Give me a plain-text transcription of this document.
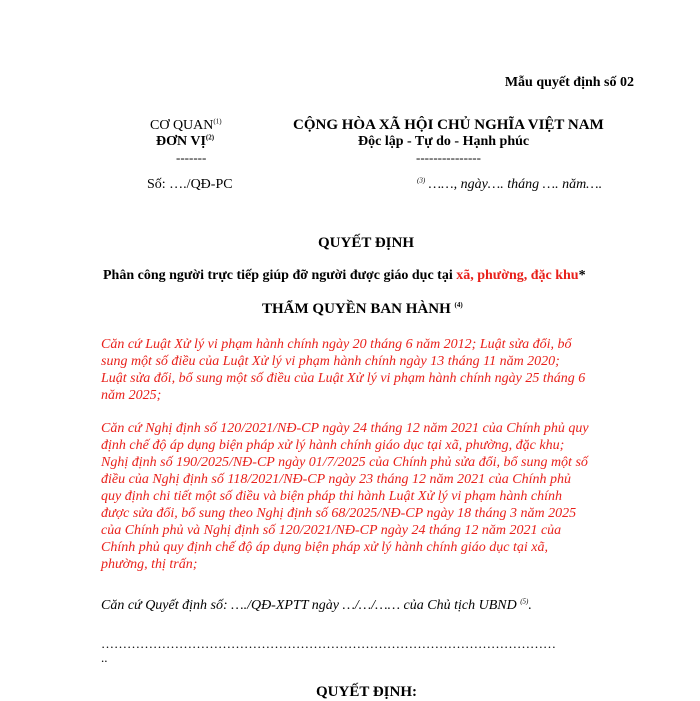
Mẫu quyết định số 02
CƠ QUAN$^{(1)}$
ĐƠN VỊ$^{(2)}$
-------
Số: …./QĐ-PC
CỘNG HÒA XÃ HỘI CHỦ NGHĨA VIỆT NAM
Độc lập - Tự do - Hạnh phúc
---------------
$^{(3)}$ ……, ngày…. tháng …. năm….
QUYẾT ĐỊNH
Phân công người trực tiếp giúp đỡ người được giáo dục tại xã, phường, đặc khu*
THẨM QUYỀN BAN HÀNH $^{(4)}$
Căn cứ Luật Xử lý vi phạm hành chính ngày 20 tháng 6 năm 2012; Luật sửa đổi, bổ
sung một số điều của Luật Xử lý vi phạm hành chính ngày 13 tháng 11 năm 2020;
Luật sửa đổi, bổ sung một số điều của Luật Xử lý vi phạm hành chính ngày 25 tháng 6
năm 2025;
Căn cứ Nghị định số 120/2021/NĐ-CP ngày 24 tháng 12 năm 2021 của Chính phủ quy
định chế độ áp dụng biện pháp xử lý hành chính giáo dục tại xã, phường, đặc khu;
Nghị định số 190/2025/NĐ-CP ngày 01/7/2025 của Chính phủ sửa đổi, bổ sung một số
điều của Nghị định số 118/2021/NĐ-CP ngày 23 tháng 12 năm 2021 của Chính phủ
quy định chi tiết một số điều và biện pháp thi hành Luật Xử lý vi phạm hành chính
được sửa đổi, bổ sung theo Nghị định số 68/2025/NĐ-CP ngày 18 tháng 3 năm 2025
của Chính phủ và Nghị định số 120/2021/NĐ-CP ngày 24 tháng 12 năm 2021 của
Chính phủ quy định chế độ áp dụng biện pháp xử lý hành chính giáo dục tại xã,
phường, thị trấn;
Căn cứ Quyết định số: …./QĐ-XPTT ngày …/…/…… của Chủ tịch UBND $^{(5)}$.
……………………………………………………………………………………………
..
QUYẾT ĐỊNH:
